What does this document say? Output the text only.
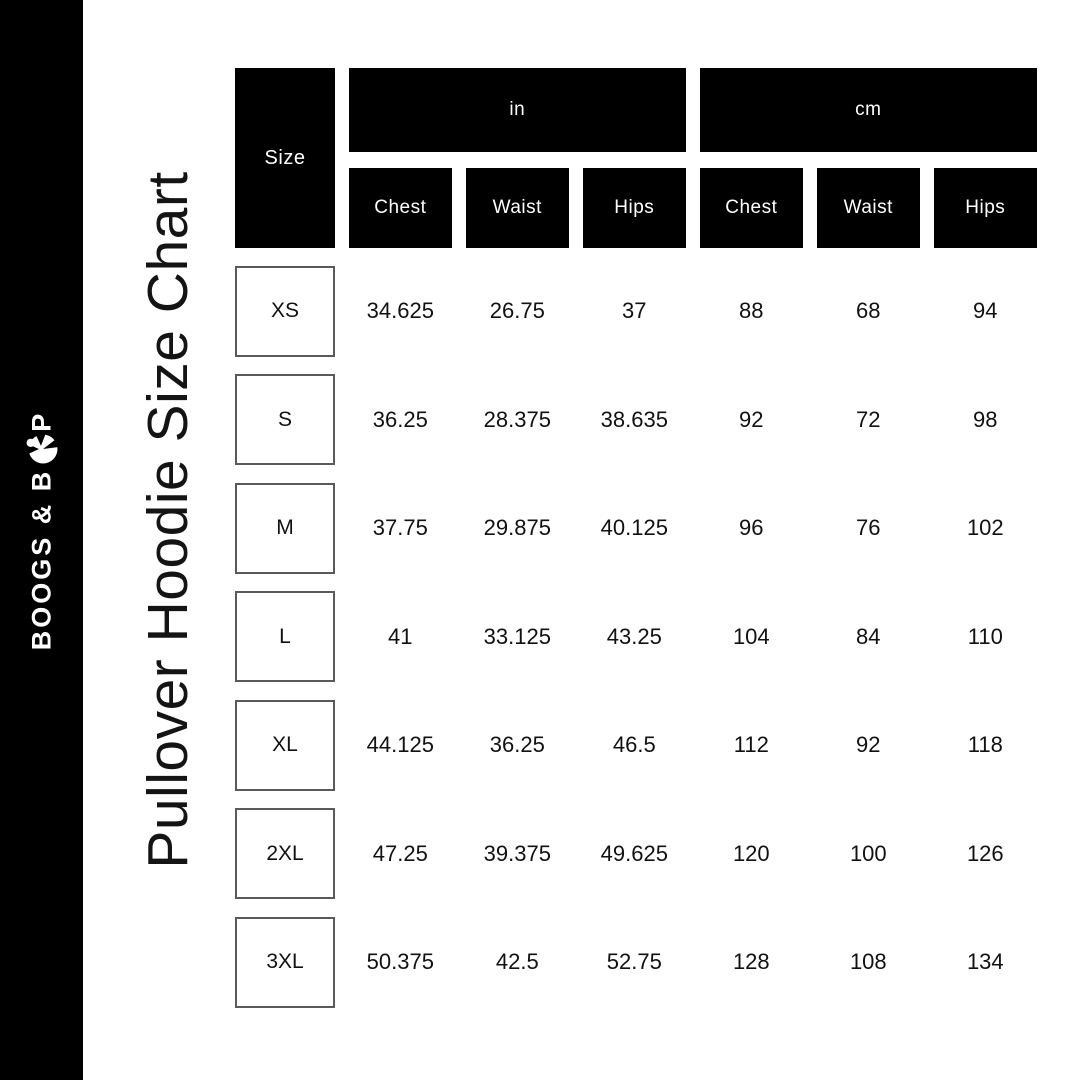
BOOGS & B
P Pullover Hoodie Size Chart
Size
in	cm
Chest	Waist	Hips	Chest	Waist	Hips
XS	34.625	26.75	37	88	68	94
S	36.25	28.375	38.635	92	72	98
M	37.75	29.875	40.125	96	76	102
L	41	33.125	43.25	104	84	110
XL	44.125	36.25	46.5	112	92	118
2XL	47.25	39.375	49.625	120	100	126
3XL	50.375	42.5	52.75	128	108	134
